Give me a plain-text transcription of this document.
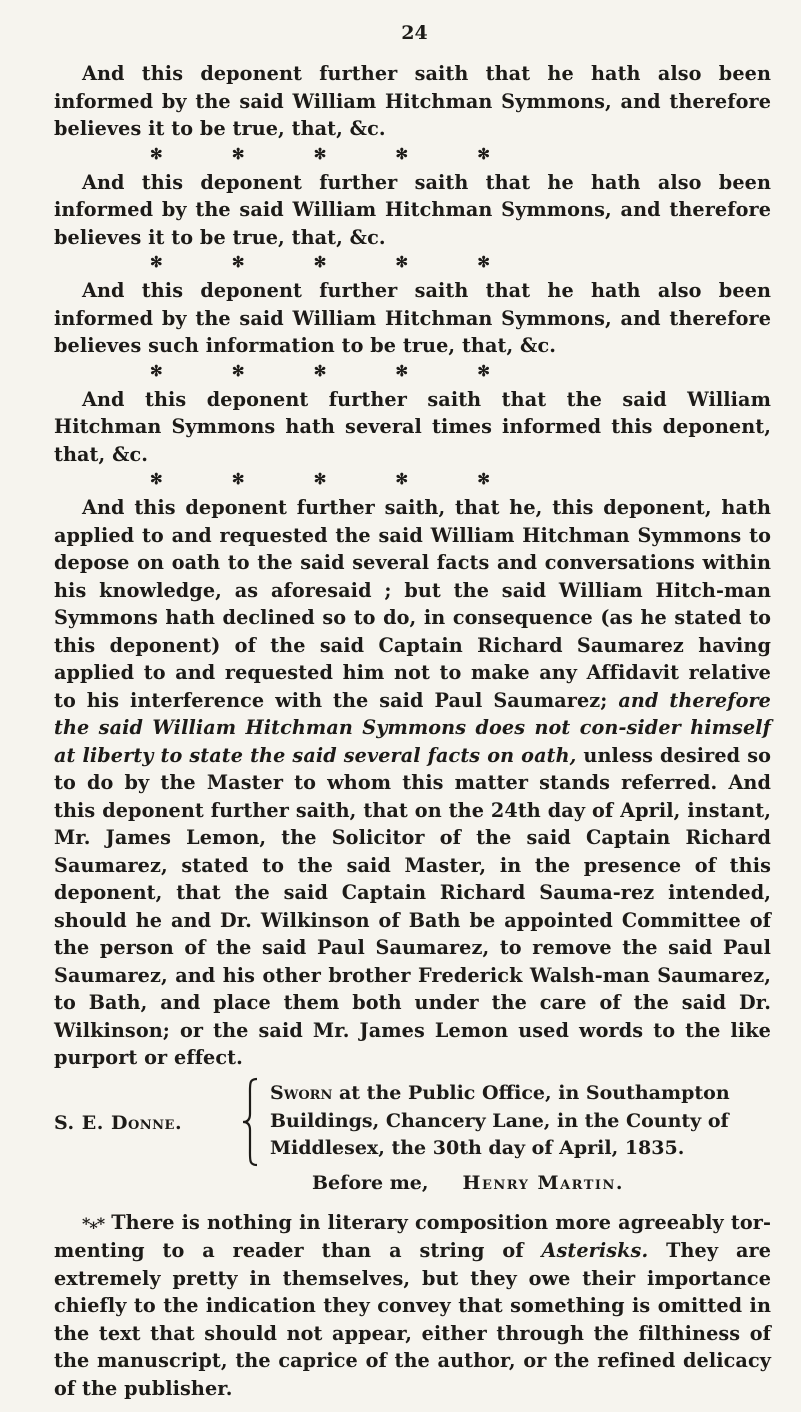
24

And this deponent further saith that he hath also been informed by the said William Hitchman Symmons, and therefore believes it to be true, that, &c.

✻	✻	✻	✻	✻

And this deponent further saith that he hath also been informed by the said William Hitchman Symmons, and therefore believes it to be true, that, &c.

✻	✻	✻	✻	✻

And this deponent further saith that he hath also been informed by the said William Hitchman Symmons, and therefore believes such information to be true, that, &c.

✻	✻	✻	✻	✻

And this deponent further saith that the said William Hitchman Symmons hath several times informed this deponent, that, &c.

✻	✻	✻	✻	✻

And this deponent further saith, that he, this deponent, hath applied to and requested the said William Hitchman Symmons to depose on oath to the said several facts and conversations within his knowledge, as aforesaid ; but the said William Hitch-man Symmons hath declined so to do, in consequence (as he stated to this deponent) of the said Captain Richard Saumarez having applied to and requested him not to make any Affidavit relative to his interference with the said Paul Saumarez; and therefore the said William Hitchman Symmons does not con-sider himself at liberty to state the said several facts on oath, unless desired so to do by the Master to whom this matter stands referred. And this deponent further saith, that on the 24th day of April, instant, Mr. James Lemon, the Solicitor of the said Captain Richard Saumarez, stated to the said Master, in the presence of this deponent, that the said Captain Richard Sauma-rez intended, should he and Dr. Wilkinson of Bath be appointed Committee of the person of the said Paul Saumarez, to remove the said Paul Saumarez, and his other brother Frederick Walsh-man Saumarez, to Bath, and place them both under the care of the said Dr. Wilkinson; or the said Mr. James Lemon used words to the like purport or effect.

S. E. Donne.
Sworn at the Public Office, in Southampton Buildings, Chancery Lane, in the County of Middlesex, the 30th day of April, 1835.
Before me, Henry Martin.

*⁎* There is nothing in literary composition more agreeably tor-menting to a reader than a string of Asterisks. They are extremely pretty in themselves, but they owe their importance chiefly to the indication they convey that something is omitted in the text that should not appear, either through the filthiness of the manuscript, the caprice of the author, or the refined delicacy of the publisher.
